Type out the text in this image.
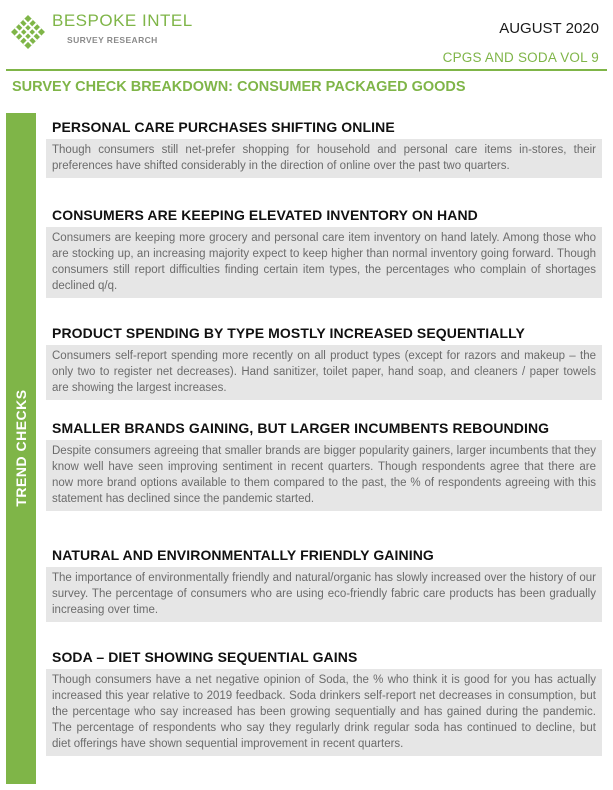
BESPOKE INTEL
SURVEY RESEARCH
AUGUST 2020
CPGS AND SODA VOL 9
SURVEY CHECK BREAKDOWN: CONSUMER PACKAGED GOODS
TREND CHECKS
PERSONAL CARE PURCHASES SHIFTING ONLINE
Though consumers still net-prefer shopping for household and personal care items in-stores, their preferences have shifted considerably in the direction of online over the past two quarters.
CONSUMERS ARE KEEPING ELEVATED INVENTORY ON HAND
Consumers are keeping more grocery and personal care item inventory on hand lately. Among those who are stocking up, an increasing majority expect to keep higher than normal inventory going forward. Though consumers still report difficulties finding certain item types, the percentages who complain of shortages declined q/q.
PRODUCT SPENDING BY TYPE MOSTLY INCREASED SEQUENTIALLY
Consumers self-report spending more recently on all product types (except for razors and makeup – the only two to register net decreases). Hand sanitizer, toilet paper, hand soap, and cleaners / paper towels are showing the largest increases.
SMALLER BRANDS GAINING, BUT LARGER INCUMBENTS REBOUNDING
Despite consumers agreeing that smaller brands are bigger popularity gainers, larger incumbents that they know well have seen improving sentiment in recent quarters. Though respondents agree that there are now more brand options available to them compared to the past, the % of respondents agreeing with this statement has declined since the pandemic started.
NATURAL AND ENVIRONMENTALLY FRIENDLY GAINING
The importance of environmentally friendly and natural/organic has slowly increased over the history of our survey. The percentage of consumers who are using eco-friendly fabric care products has been gradually increasing over time.
SODA – DIET SHOWING SEQUENTIAL GAINS
Though consumers have a net negative opinion of Soda, the % who think it is good for you has actually increased this year relative to 2019 feedback. Soda drinkers self-report net decreases in consumption, but the percentage who say increased has been growing sequentially and has gained during the pandemic. The percentage of respondents who say they regularly drink regular soda has continued to decline, but diet offerings have shown sequential improvement in recent quarters.
